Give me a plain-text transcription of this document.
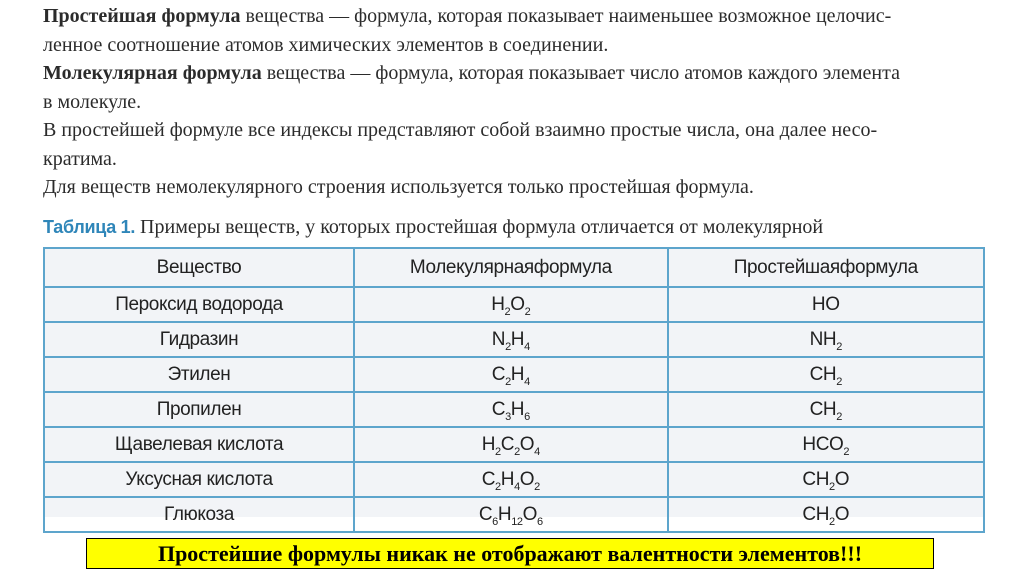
Простейшая формула вещества — формула, которая показывает наименьшее возможное целочис-
ленное соотношение атомов химических элементов в соединении.

Молекулярная формула вещества — формула, которая показывает число атомов каждого элемента
в молекуле.

В простейшей формуле все индексы представляют собой взаимно простые числа, она далее несо-
кратима.

Для веществ немолекулярного строения используется только простейшая формула.

Таблица 1. Примеры веществ, у которых простейшая формула отличается от молекулярной
Вещество	Молекулярнаяформула	Простейшаяформула
Пероксид водорода	$H_2O_2$	HO
Гидразин	$N_2H_4$	$NH_2$
Этилен	$C_2H_4$	$CH_2$
Пропилен	$C_3H_6$	$CH_2$
Щавелевая кислота	$H_2C_2O_4$	$HCO_2$
Уксусная кислота	$C_2H_4O_2$	$CH_2O$
Глюкоза	$C_6H_{12}O_6$	$CH_2O$
Простейшие формулы никак не отображают валентности элементов!!!
